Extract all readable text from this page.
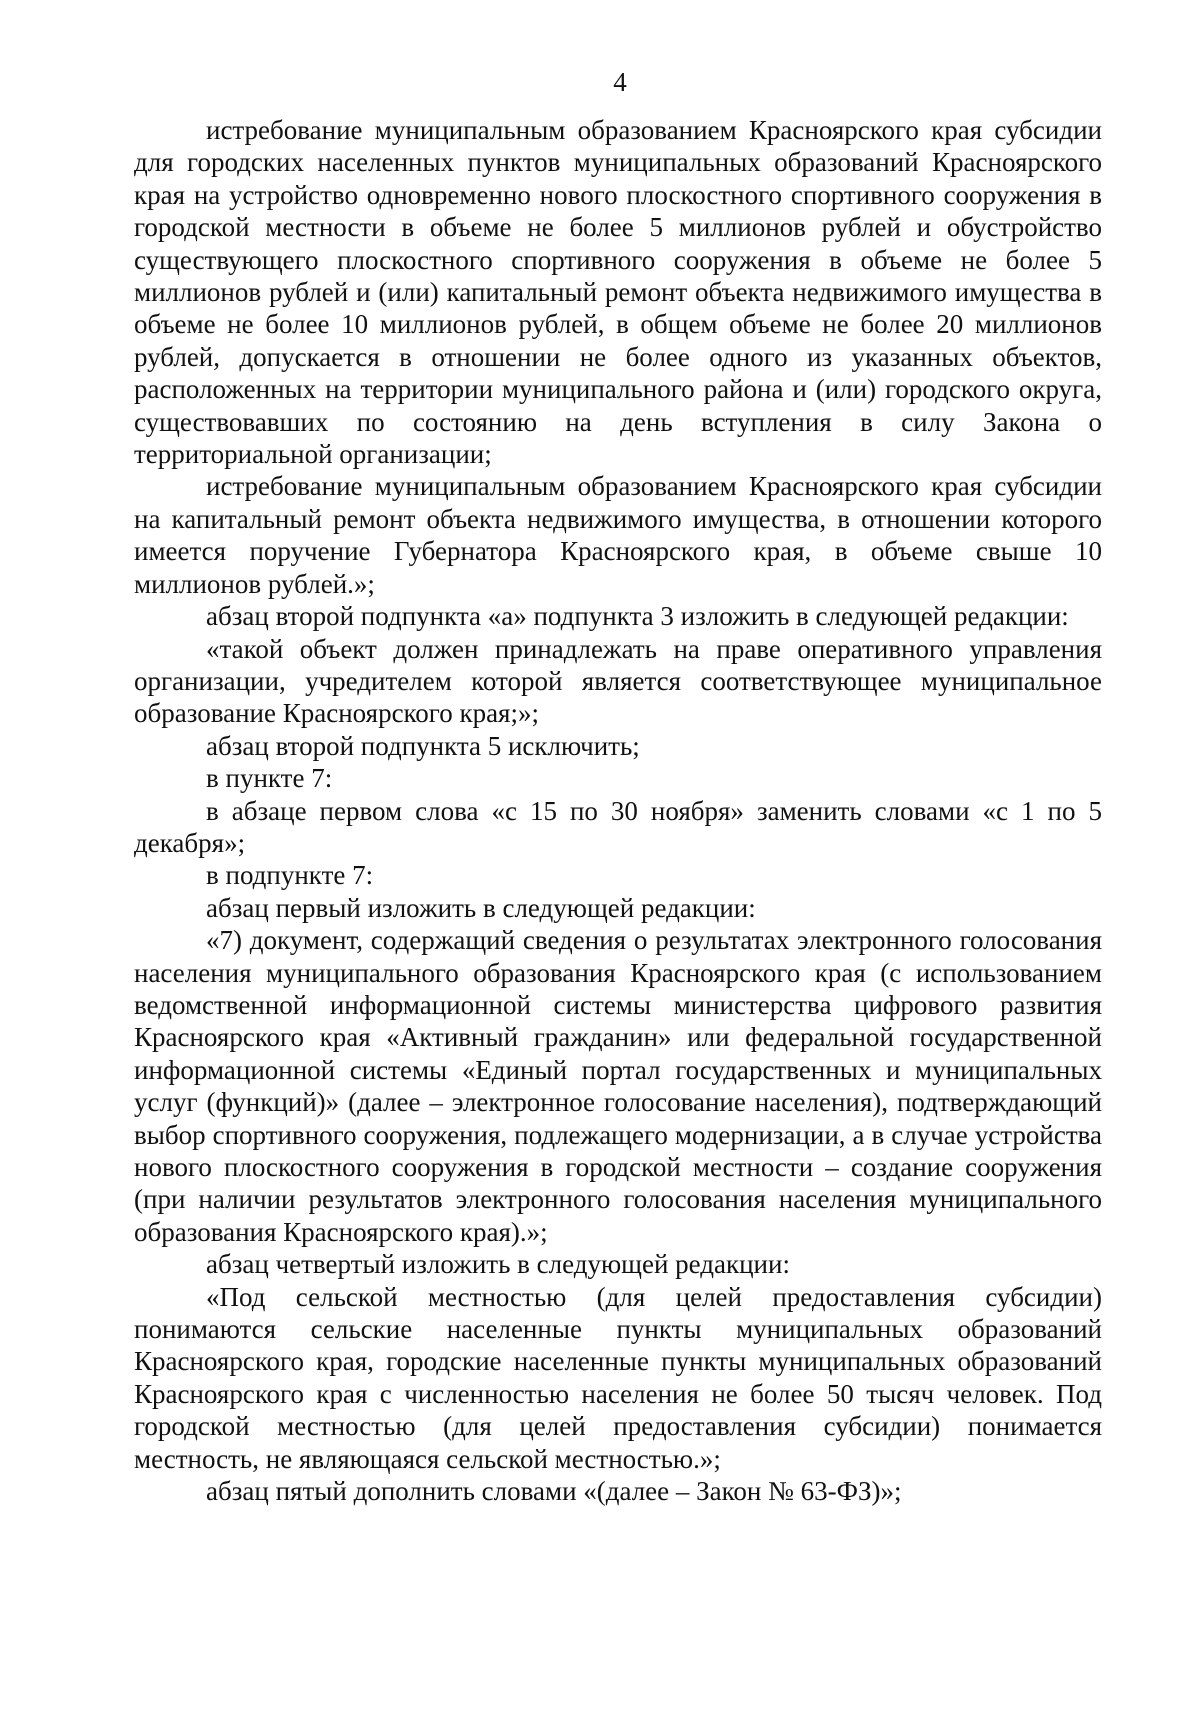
4

истребование муниципальным образованием Красноярского края субсидии для городских населенных пунктов муниципальных образований Красноярского края на устройство одновременно нового плоскостного спортивного сооружения в городской местности в объеме не более 5 миллионов рублей и обустройство существующего плоскостного спортивного сооружения в объеме не более 5 миллионов рублей и (или) капитальный ремонт объекта недвижимого имущества в объеме не более 10 миллионов рублей, в общем объеме не более 20 миллионов рублей, допускается в отношении не более одного из указанных объектов, расположенных на территории муниципального района и (или) городского округа, существовавших по состоянию на день вступления в силу Закона о территориальной организации;

истребование муниципальным образованием Красноярского края субсидии на капитальный ремонт объекта недвижимого имущества, в отношении которого имеется поручение Губернатора Красноярского края, в объеме свыше 10 миллионов рублей.»;

абзац второй подпункта «а» подпункта 3 изложить в следующей редакции:

«такой объект должен принадлежать на праве оперативного управления организации, учредителем которой является соответствующее муниципальное образование Красноярского края;»;

абзац второй подпункта 5 исключить;

в пункте 7:

в абзаце первом слова «с 15 по 30 ноября» заменить словами «с 1 по 5 декабря»;

в подпункте 7:

абзац первый изложить в следующей редакции:

«7) документ, содержащий сведения о результатах электронного голосования населения муниципального образования Красноярского края (с использованием ведомственной информационной системы министерства цифрового развития Красноярского края «Активный гражданин» или федеральной государственной информационной системы «Единый портал государственных и муниципальных услуг (функций)» (далее – электронное голосование населения), подтверждающий выбор спортивного сооружения, подлежащего модернизации, а в случае устройства нового плоскостного сооружения в городской местности – создание сооружения (при наличии результатов электронного голосования населения муниципального образования Красноярского края).»;

абзац четвертый изложить в следующей редакции:

«Под сельской местностью (для целей предоставления субсидии) понимаются сельские населенные пункты муниципальных образований Красноярского края, городские населенные пункты муниципальных образований Красноярского края с численностью населения не более 50 тысяч человек. Под городской местностью (для целей предоставления субсидии) понимается местность, не являющаяся сельской местностью.»;

абзац пятый дополнить словами «(далее – Закон № 63-ФЗ)»;
